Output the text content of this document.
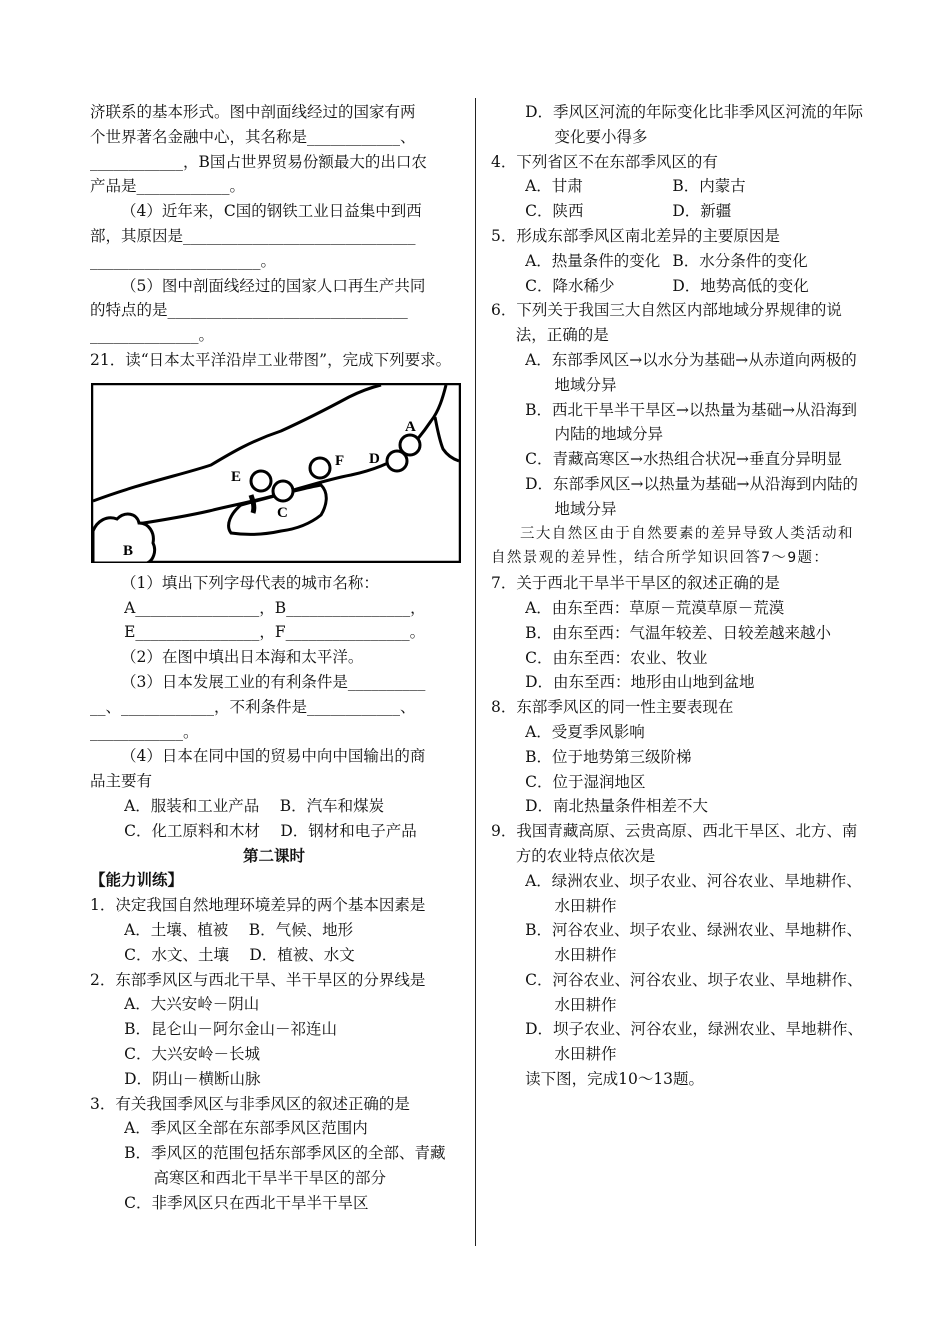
济联系的基本形式。图中剖面线经过的国家有两

个世界著名金融中心，其名称是____________、

____________，B国占世界贸易份额最大的出口农

产品是____________。

（4）近年来，C国的钢铁工业日益集中到西

部，其原因是______________________________

______________________。

（5）图中剖面线经过的国家人口再生产共同

的特点的是_______________________________

______________。

21．读“日本太平洋沿岸工业带图”，完成下列要求。

A
B
C
D
E
F

（1）填出下列字母代表的城市名称：

A________________， B________________，
E________________， F________________。

（2）在图中填出日本海和太平洋。

（3）日本发展工业的有利条件是__________

__、____________，不利条件是____________、

____________。

（4）日本在同中国的贸易中向中国输出的商

品主要有

A．服装和工业产品　 B．汽车和煤炭

C．化工原料和木材　 D．钢材和电子产品

第二课时

【能力训练】

1．决定我国自然地理环境差异的两个基本因素是

A．土壤、植被　 B．气候、地形

C．水文、土壤　 D．植被、水文

2．东部季风区与西北干旱、半干旱区的分界线是

A．大兴安岭－阴山

B．昆仑山－阿尔金山－祁连山

C．大兴安岭－长城

D．阴山－横断山脉

3．有关我国季风区与非季风区的叙述正确的是

A．季风区全部在东部季风区范围内

B．季风区的范围包括东部季风区的全部、青藏高寒区和西北干旱半干旱区的部分

C．非季风区只在西北干旱半干旱区

D．季风区河流的年际变化比非季风区河流的年际变化要小得多

4．下列省区不在东部季风区的有

A．甘肃	B．内蒙古
C．陕西	D．新疆

5．形成东部季风区南北差异的主要原因是

A．热量条件的变化 B．水分条件的变化
C．降水稀少	D．地势高低的变化

6．下列关于我国三大自然区内部地域分界规律的说法，正确的是

A．东部季风区→以水分为基础→从赤道向两极的地域分异

B．西北干旱半干旱区→以热量为基础→从沿海到内陆的地域分异

C．青藏高寒区→水热组合状况→垂直分异明显

D．东部季风区→以热量为基础→从沿海到内陆的地域分异

三大自然区由于自然要素的差异导致人类活动和自然景观的差异性，结合所学知识回答7～9题：

7．关于西北干旱半干旱区的叙述正确的是

A．由东至西：草原－荒漠草原－荒漠

B．由东至西：气温年较差、日较差越来越小

C．由东至西：农业、牧业

D．由东至西：地形由山地到盆地

8．东部季风区的同一性主要表现在

A．受夏季风影响

B．位于地势第三级阶梯

C．位于湿润地区

D．南北热量条件相差不大

9．我国青藏高原、云贵高原、西北干旱区、北方、南方的农业特点依次是

A．绿洲农业、坝子农业、河谷农业、旱地耕作、水田耕作

B．河谷农业、坝子农业、绿洲农业、旱地耕作、水田耕作

C．河谷农业、河谷农业、坝子农业、旱地耕作、水田耕作

D．坝子农业、河谷农业，绿洲农业、旱地耕作、水田耕作

读下图，完成10～13题。
